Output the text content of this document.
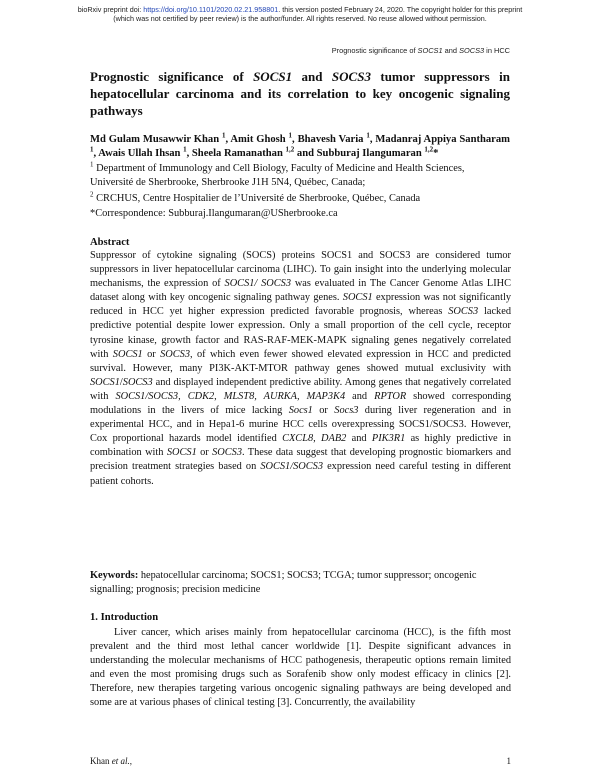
bioRxiv preprint doi: https://doi.org/10.1101/2020.02.21.958801. this version posted February 24, 2020. The copyright holder for this preprint
(which was not certified by peer review) is the author/funder. All rights reserved. No reuse allowed without permission.
Prognostic significance of SOCS1 and SOCS3 in HCC
Prognostic significance of SOCS1 and SOCS3 tumor suppressors in hepatocellular carcinoma and its correlation to key oncogenic signaling pathways
Md Gulam Musawwir Khan $^1$, Amit Ghosh $^1$, Bhavesh Varia $^1$, Madanraj Appiya Santharam $^1$, Awais Ullah Ihsan $^1$, Sheela Ramanathan $^{1,2}$ and Subburaj Ilangumaran $^{1,2}$*
$^1$ Department of Immunology and Cell Biology, Faculty of Medicine and Health Sciences, Université de Sherbrooke, Sherbrooke J1H 5N4, Québec, Canada;
$^2$ CRCHUS, Centre Hospitalier de l’Université de Sherbrooke, Québec, Canada
*Correspondence: Subburaj.Ilangumaran@USherbrooke.ca
Abstract
Suppressor of cytokine signaling (SOCS) proteins SOCS1 and SOCS3 are considered tumor suppressors in liver hepatocellular carcinoma (LIHC). To gain insight into the underlying molecular mechanisms, the expression of SOCS1/ SOCS3 was evaluated in The Cancer Genome Atlas LIHC dataset along with key oncogenic signaling pathway genes. SOCS1 expression was not significantly reduced in HCC yet higher expression predicted favorable prognosis, whereas SOCS3 lacked predictive potential despite lower expression. Only a small proportion of the cell cycle, receptor tyrosine kinase, growth factor and RAS-RAF-MEK-MAPK signaling genes negatively correlated with SOCS1 or SOCS3, of which even fewer showed elevated expression in HCC and predicted survival. However, many PI3K-AKT-MTOR pathway genes showed mutual exclusivity with SOCS1/SOCS3 and displayed independent predictive ability. Among genes that negatively correlated with SOCS1/SOCS3, CDK2, MLST8, AURKA, MAP3K4 and RPTOR showed corresponding modulations in the livers of mice lacking Socs1 or Socs3 during liver regeneration and in experimental HCC, and in Hepa1-6 murine HCC cells overexpressing SOCS1/SOCS3. However, Cox proportional hazards model identified CXCL8, DAB2 and PIK3R1 as highly predictive in combination with SOCS1 or SOCS3. These data suggest that developing prognostic biomarkers and precision treatment strategies based on SOCS1/SOCS3 expression need careful testing in different patient cohorts.
Keywords: hepatocellular carcinoma; SOCS1; SOCS3; TCGA; tumor suppressor; oncogenic signalling; prognosis; precision medicine
1. Introduction
Liver cancer, which arises mainly from hepatocellular carcinoma (HCC), is the fifth most prevalent and the third most lethal cancer worldwide [1]. Despite significant advances in understanding the molecular mechanisms of HCC pathogenesis, therapeutic options remain limited and even the most promising drugs such as Sorafenib show only modest efficacy in clinics [2]. Therefore, new therapies targeting various oncogenic signaling pathways are being developed and some are at various phases of clinical testing [3]. Concurrently, the availability
Khan et al.,	1
